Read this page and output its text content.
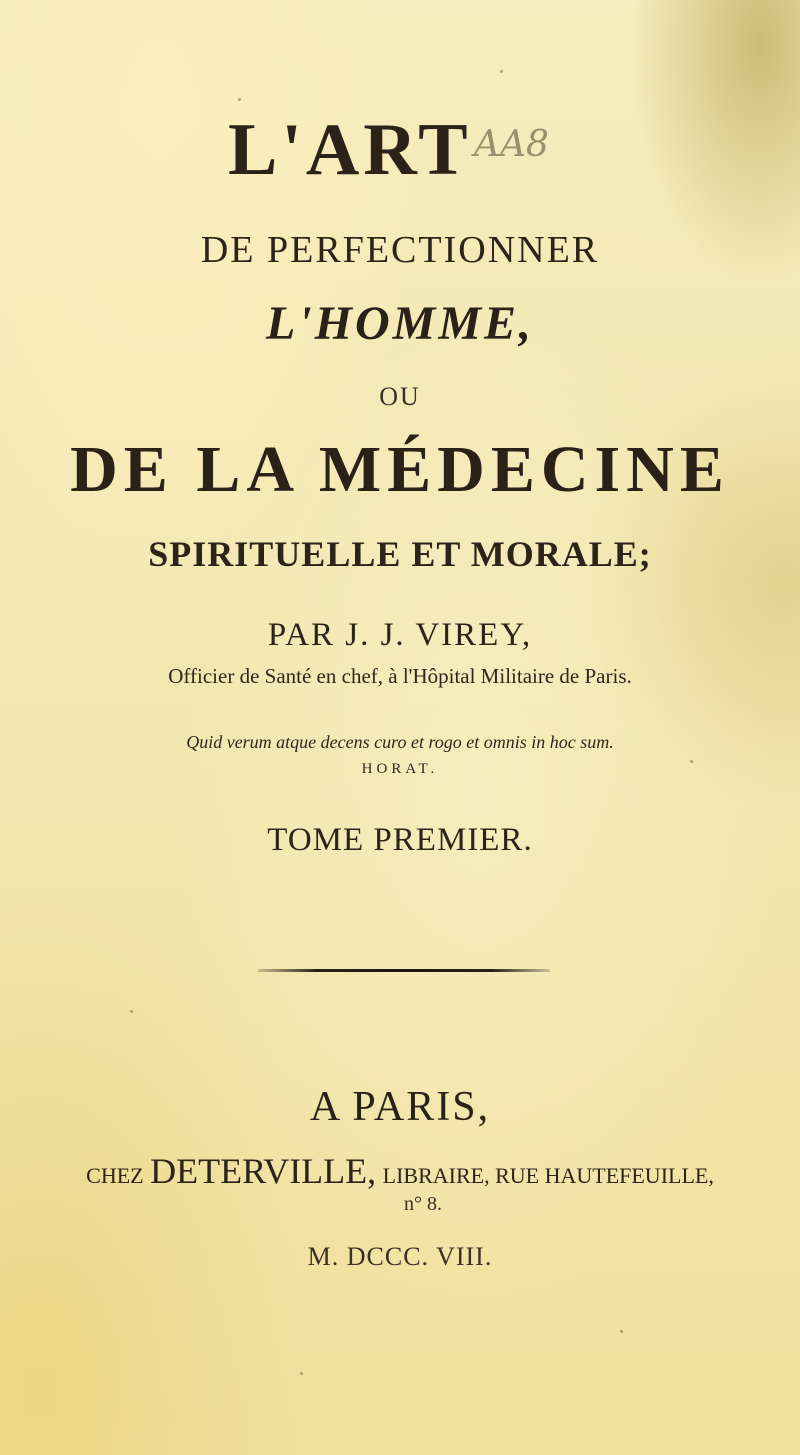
L'ART AA8
DE PERFECTIONNER
L'HOMME,
OU
DE LA MÉDECINE
SPIRITUELLE ET MORALE;
PAR J. J. VIREY,
Officier de Santé en chef, à l'Hôpital Militaire de Paris.
Quid verum atque decens curo et rogo et omnis in hoc sum.
HORAT.
TOME PREMIER.
A PARIS,
CHEZ DETERVILLE, LIBRAIRE, RUE HAUTEFEUILLE,
n° 8.
M. DCCC. VIII.
